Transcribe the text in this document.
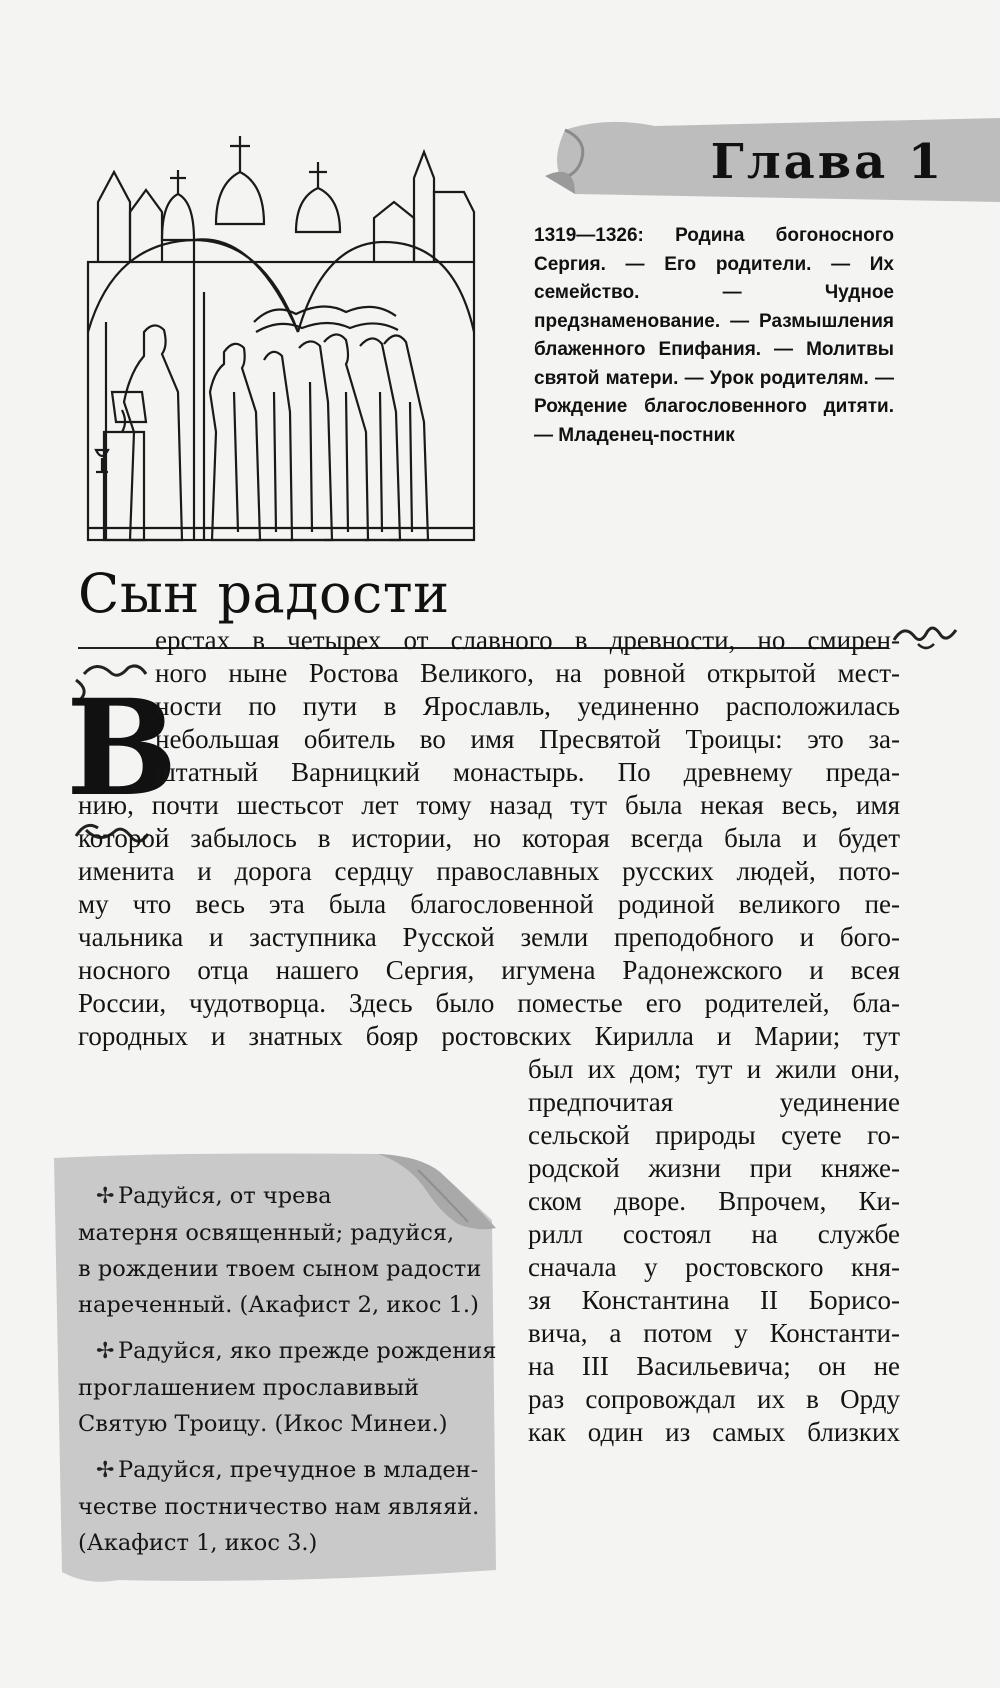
Глава 1
1319—1326: Родина богоносного Сергия. — Его родители. — Их семейство. — Чудное предзнаменование. — Размышления блаженного Епифания. — Молитвы святой матери. — Урок родителям. — Рождение благословенного дитяти. — Младенец-постник
Сын радости
В
ерстах в четырех от славного в древности, но смирен-
ного ныне Ростова Великого, на ровной открытой мест-
ности по пути в Ярославль, уединенно расположилась
небольшая обитель во имя Пресвятой Троицы: это за-
штатный Варницкий монастырь. По древнему преда-
нию, почти шестьсот лет тому назад тут была некая весь, имя
которой забылось в истории, но которая всегда была и будет
именита и дорога сердцу православных русских людей, пото-
му что весь эта была благословенной родиной великого пе-
чальника и заступника Русской земли преподобного и бого-
носного отца нашего Сергия, игумена Радонежского и всея
России, чудотворца. Здесь было поместье его родителей, бла-
городных и знатных бояр ростовских Кирилла и Марии; тут
был их дом; тут и жили они,
предпочитая уединение
сельской природы суете го-
родской жизни при княже-
ском дворе. Впрочем, Ки-
рилл состоял на службе
сначала у ростовского кня-
зя Константина II Борисо-
вича, а потом у Константи-
на III Васильевича; он не
раз сопровождал их в Орду
как один из самых близких
✢ Радуйся, от чрева
матерня освященный; радуйся,
в рождении твоем сыном радости
нареченный. (Акафист 2, икос 1.)
✢ Радуйся, яко прежде рождения
проглашением прославивый
Святую Троицу. (Икос Минеи.)
✢ Радуйся, пречудное в младен-
честве постничество нам являяй.
(Акафист 1, икос 3.)
